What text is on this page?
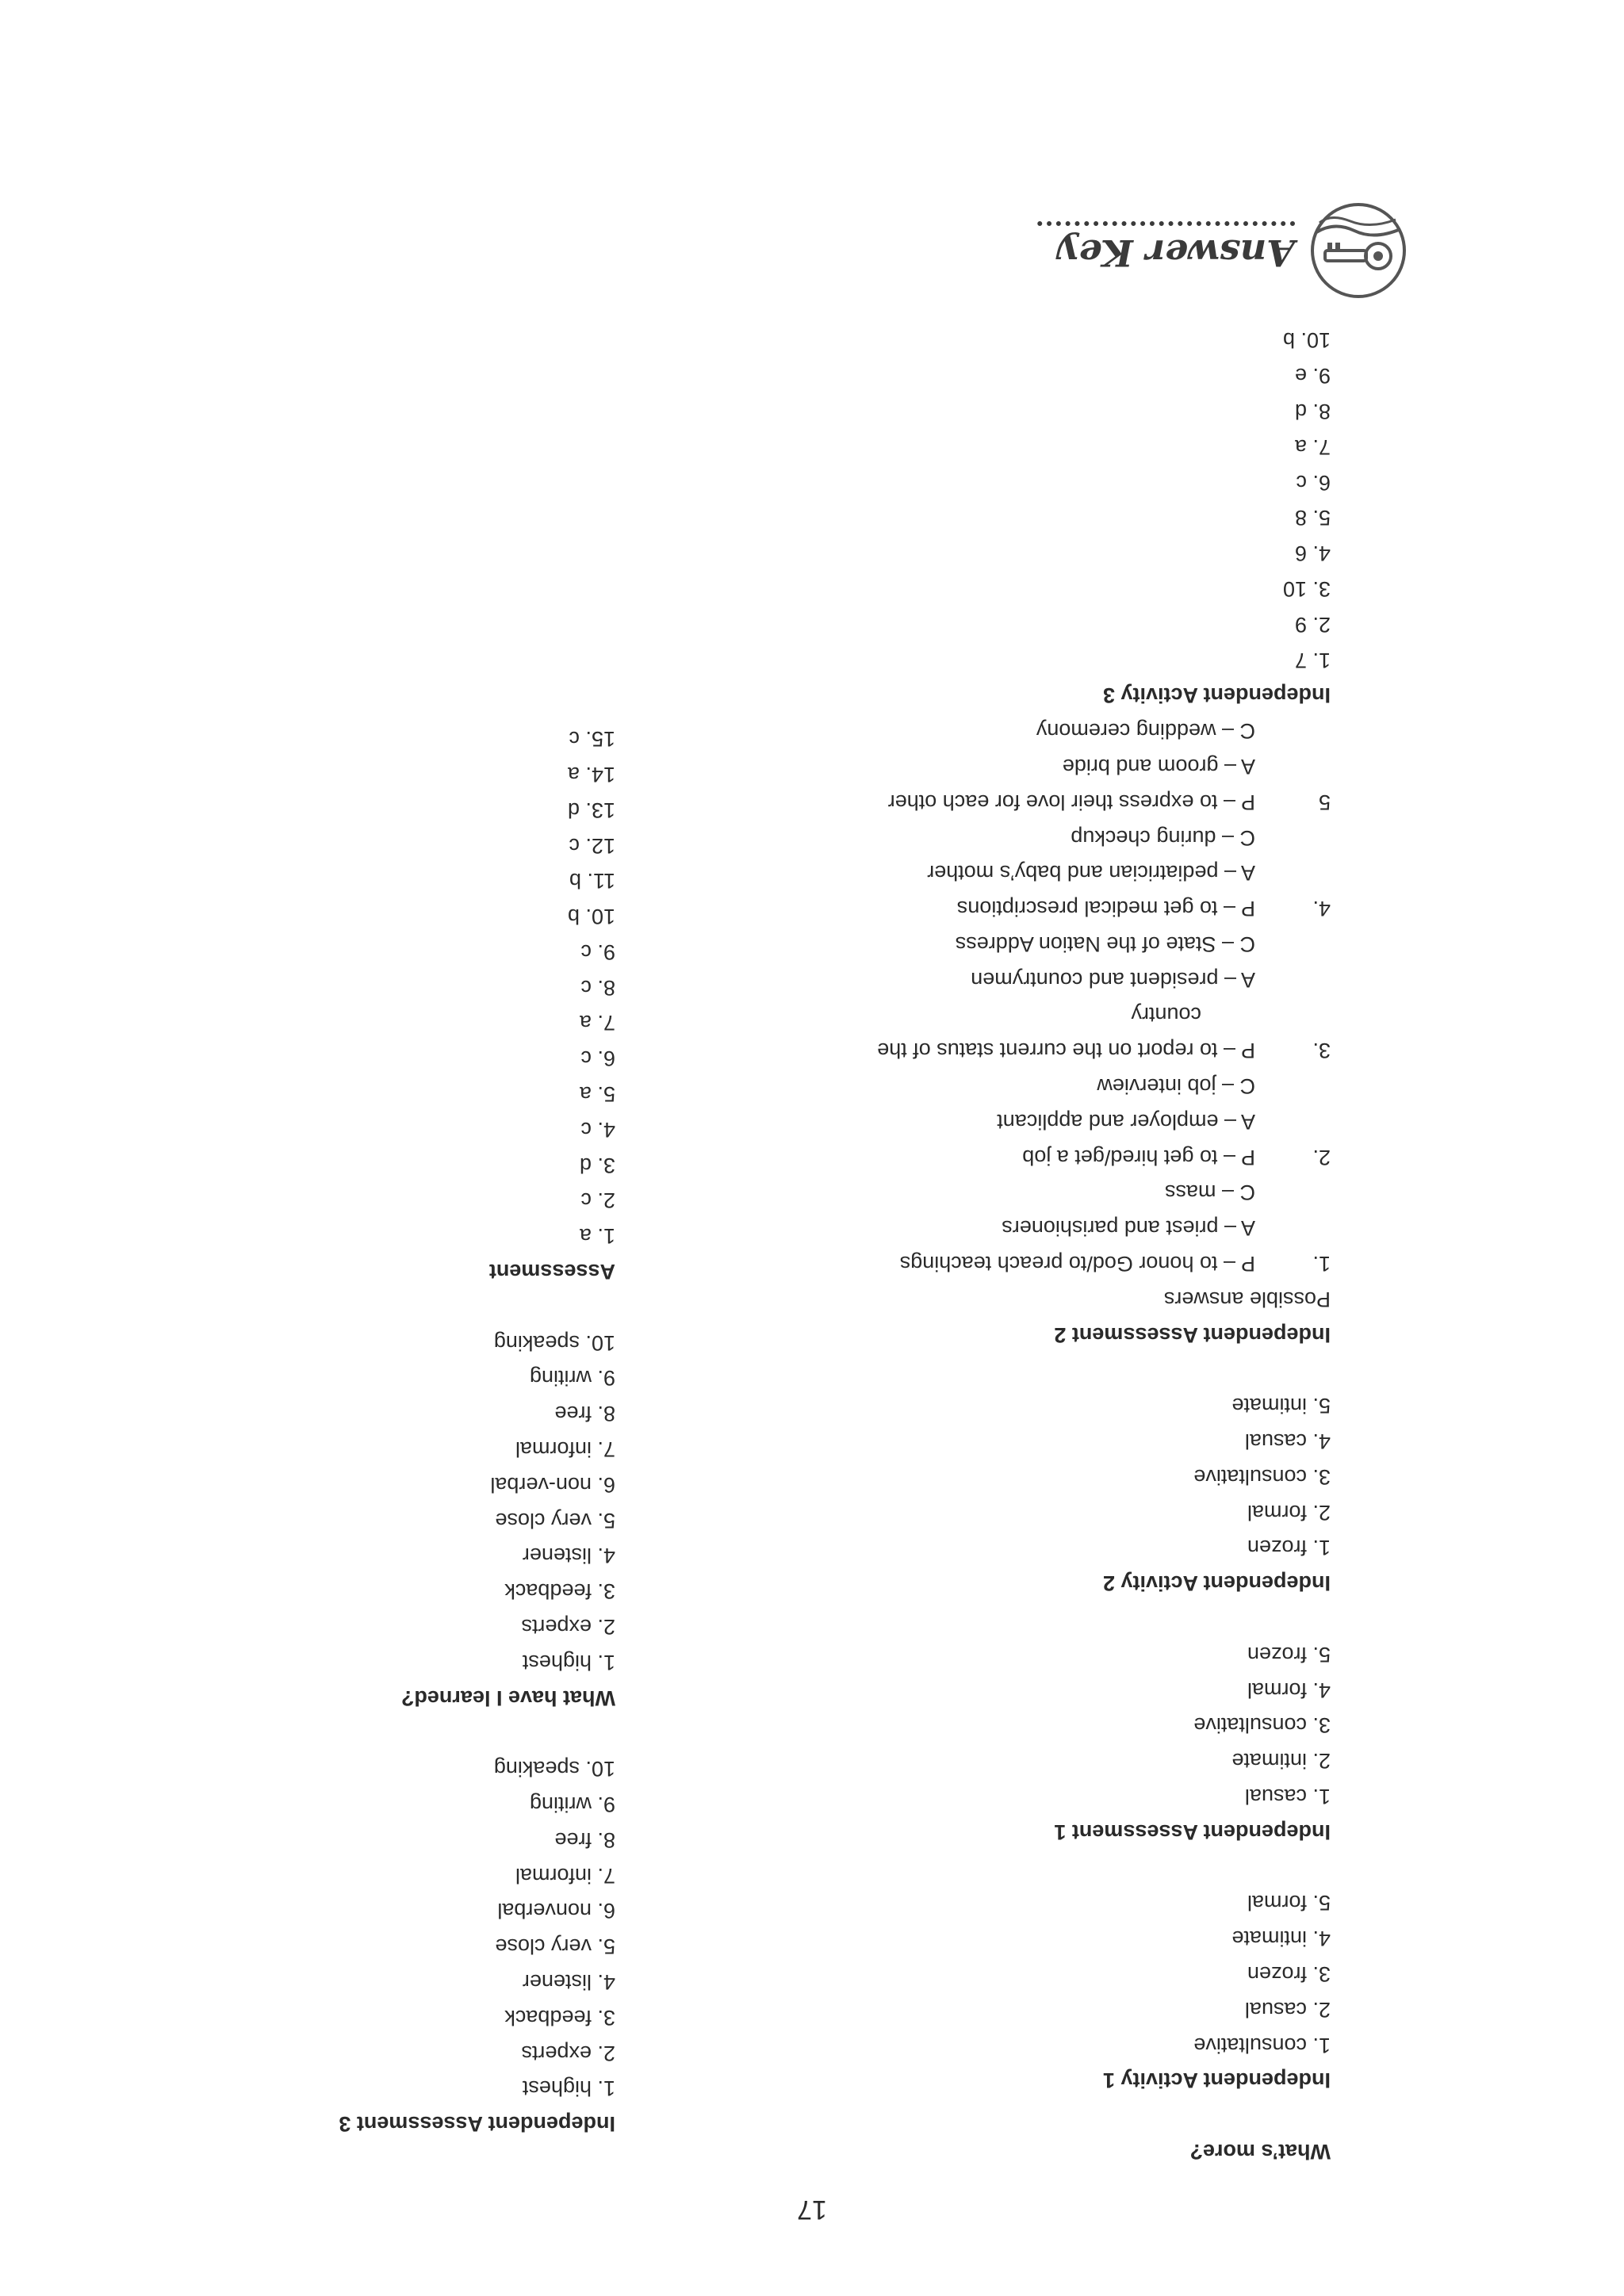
17
What’s more?
Independent Activity 1
1. consultative
2. casual
3. frozen
4. intimate
5. formal
Independent Assessment 1
1. casual
2. intimate
3. consultative
4. formal
5. frozen
Independent Activity 2
1. frozen
2. formal
3. consultative
4. casual
5. intimate
Independent Assessment 2
Possible answers
1.
P – to honor God/to preach teachings
A – priest and parishioners
C – mass
2.
P – to get hired/get a job
A – employer and applicant
C – job interview
3.
P – to report on the current status of the
country
A – president and countrymen
C – State of the Nation Address
4.
P – to get medical prescriptions
A – pediatrician and baby’s mother
C – during checkup
5
P – to express their love for each other
A – groom and bride
C – wedding ceremony
Independent Activity 3
1. 7
2. 9
3. 10
4. 6
5. 8
6. c
7. a
8. d
9. e
10. b
Independent Assessment 3
1. highest
2. experts
3. feedback
4. listener
5. very close
6. nonverbal
7. informal
8. free
9. writing
10. speaking
What have I learned?
1. highest
2. experts
3. feedback
4. listener
5. very close
6. non-verbal
7. informal
8. free
9. writing
10. speaking
Assessment
1. a
2. c
3. d
4. c
5. a
6. c
7. a
8. c
9. c
10. b
11. b
12. c
13. d
14. a
15. c
Answer Key
